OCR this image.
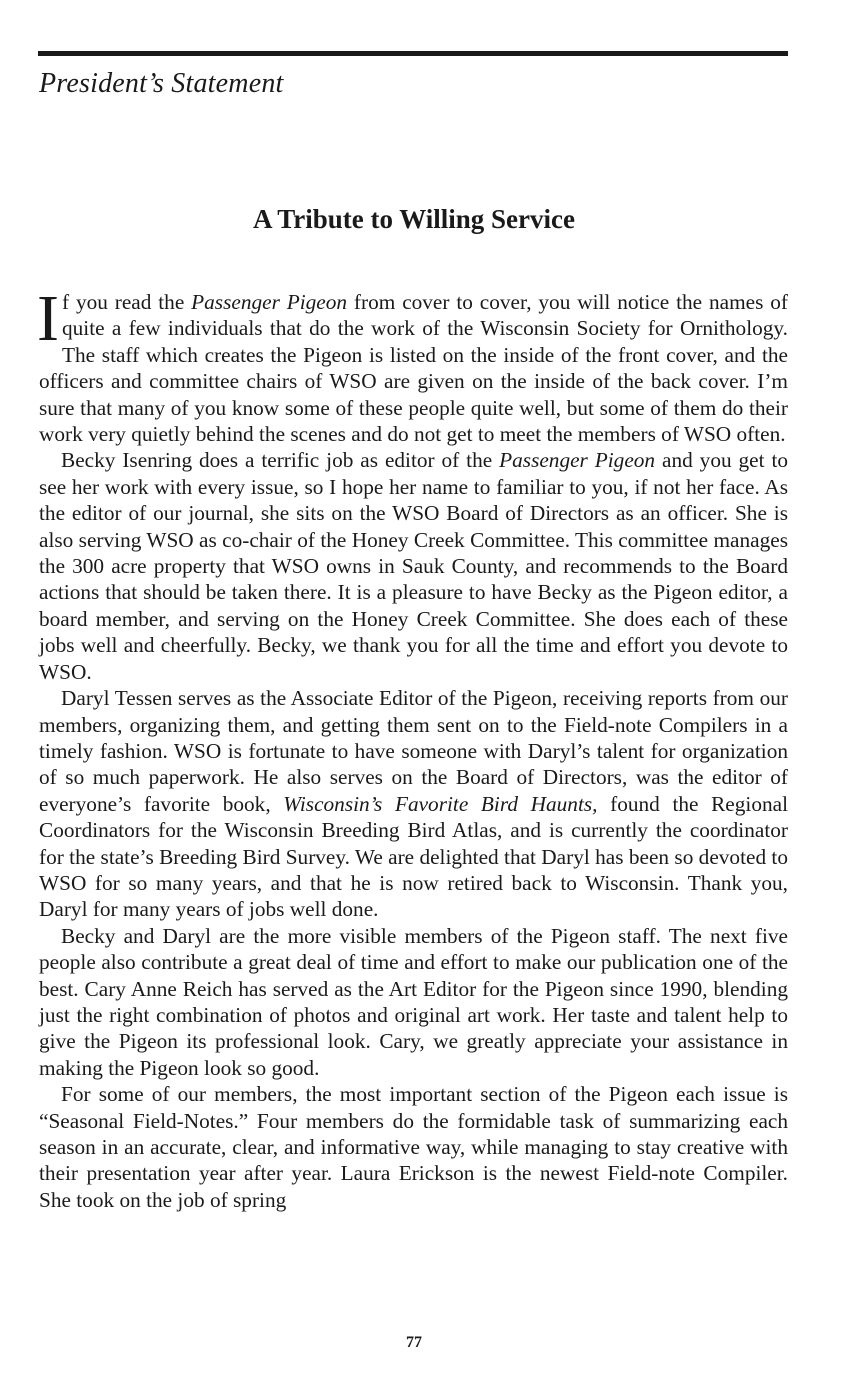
President’s Statement
A Tribute to Willing Service

If you read the Passenger Pigeon from cover to cover, you will notice the names of quite a few individuals that do the work of the Wisconsin Society for Ornithology. The staff which creates the Pigeon is listed on the inside of the front cover, and the officers and committee chairs of WSO are given on the inside of the back cover. I’m sure that many of you know some of these people quite well, but some of them do their work very quietly behind the scenes and do not get to meet the members of WSO often.

Becky Isenring does a terrific job as editor of the Passenger Pigeon and you get to see her work with every issue, so I hope her name to familiar to you, if not her face. As the editor of our journal, she sits on the WSO Board of Directors as an officer. She is also serving WSO as co-chair of the Honey Creek Committee. This committee manages the 300 acre property that WSO owns in Sauk County, and recommends to the Board actions that should be taken there. It is a pleasure to have Becky as the Pigeon editor, a board member, and serving on the Honey Creek Committee. She does each of these jobs well and cheerfully. Becky, we thank you for all the time and effort you devote to WSO.

Daryl Tessen serves as the Associate Editor of the Pigeon, receiving reports from our members, organizing them, and getting them sent on to the Field-note Compilers in a timely fashion. WSO is fortunate to have someone with Daryl’s talent for organization of so much paperwork. He also serves on the Board of Directors, was the editor of everyone’s favorite book, Wisconsin’s Favorite Bird Haunts, found the Regional Coordinators for the Wisconsin Breeding Bird Atlas, and is currently the coordinator for the state’s Breeding Bird Survey. We are delighted that Daryl has been so devoted to WSO for so many years, and that he is now retired back to Wisconsin. Thank you, Daryl for many years of jobs well done.

Becky and Daryl are the more visible members of the Pigeon staff. The next five people also contribute a great deal of time and effort to make our publication one of the best. Cary Anne Reich has served as the Art Editor for the Pigeon since 1990, blending just the right combination of photos and original art work. Her taste and talent help to give the Pigeon its professional look. Cary, we greatly appreciate your assistance in making the Pigeon look so good.

For some of our members, the most important section of the Pigeon each issue is “Seasonal Field-Notes.” Four members do the formidable task of summarizing each season in an accurate, clear, and informative way, while managing to stay creative with their presentation year after year. Laura Erickson is the newest Field-note Compiler. She took on the job of spring

77
